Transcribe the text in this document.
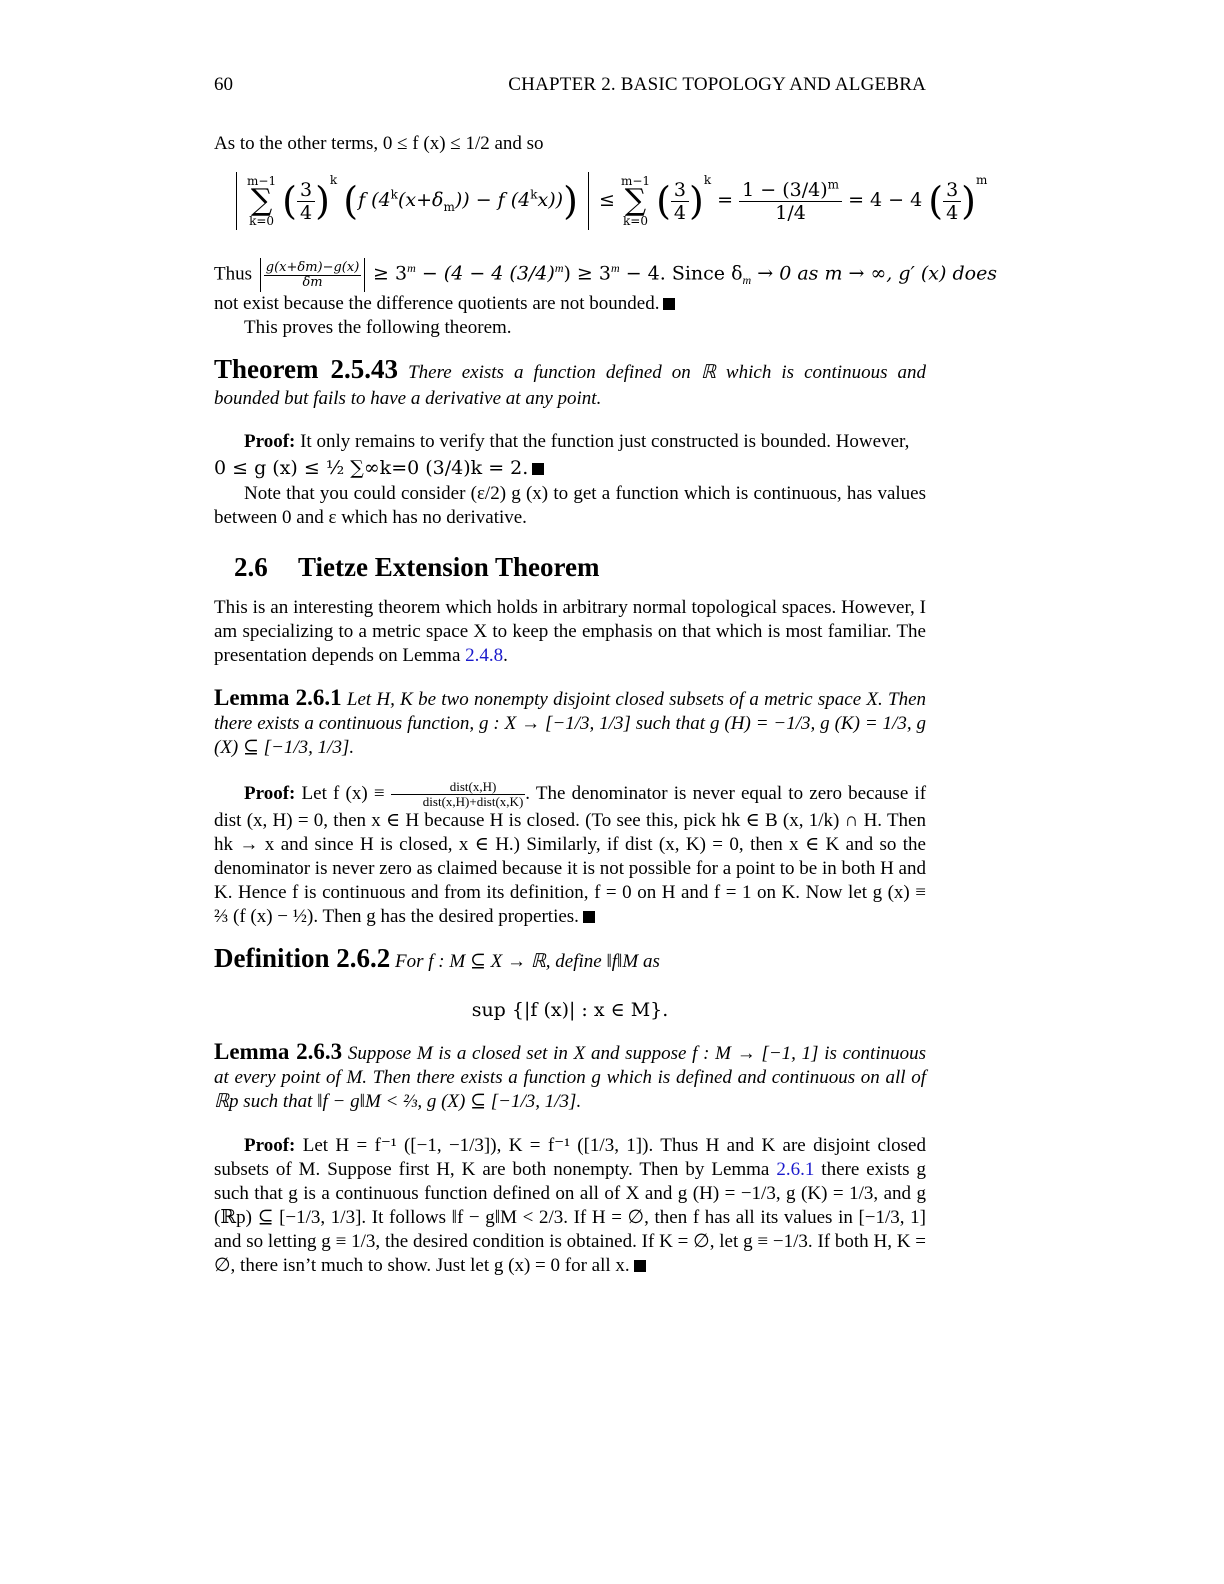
60	CHAPTER 2. BASIC TOPOLOGY AND ALGEBRA
As to the other terms, 0 ≤ f (x) ≤ 1/2 and so

m−1
∑
k=0 ( $\frac{3}{4} )^k$ (f $(4^k(x+\delta_m)) - f$ $(4^kx)$)) ≤
m−1
∑
k=0 ( $\frac{3}{4} )^k = \frac{1 - (3/4)^m}{1/4} = 4 - 4$ ( $\frac{3}{4} )^m$
Thus $\frac{g(x+\delta m)-g(x)}{\delta m} \ge 3^m - (4 - 4$ $(3/4)^m) \ge 3^m - 4$. Since $\delta_m \to 0$ as m → ∞, g′ (x) does
not exist because the difference quotients are not bounded.
This proves the following theorem.
Theorem 2.5.43 There exists a function defined on ℝ which is continuous and bounded but fails to have a derivative at any point.
Proof: It only remains to verify that the function just constructed is bounded. However,
0 ≤ g (x) ≤ ½ ∑∞k=0 (3/4)k = 2.
Note that you could consider (ε/2) g (x) to get a function which is continuous, has values between 0 and ε which has no derivative.
2.6 Tietze Extension Theorem
This is an interesting theorem which holds in arbitrary normal topological spaces. However, I am specializing to a metric space X to keep the emphasis on that which is most familiar. The presentation depends on Lemma 2.4.8.
Lemma 2.6.1 Let H, K be two nonempty disjoint closed subsets of a metric space X. Then there exists a continuous function, g : X → [−1/3, 1/3] such that g (H) = −1/3, g (K) = 1/3, g (X) ⊆ [−1/3, 1/3].
Proof: Let f $(x) \equiv \frac{\text{dist(x,H)}}{\text{dist(x,H)+dist(x,K)}}$ . The denominator is never equal to zero because if dist (x, H) = 0, then x ∈ H because H is closed. (To see this, pick hk ∈ B (x, 1/k) ∩ H. Then hk → x and since H is closed, x ∈ H.) Similarly, if dist (x, K) = 0, then x ∈ K and so the denominator is never zero as claimed because it is not possible for a point to be in both H and K. Hence f is continuous and from its definition, f = 0 on H and f = 1 on K. Now let g (x) ≡ ⅔ (f (x) − ½). Then g has the desired properties.
Definition 2.6.2 For f : M ⊆ X → ℝ, define ‖f‖M as
sup {|f (x)| : x ∈ M}.
Lemma 2.6.3 Suppose M is a closed set in X and suppose f : M → [−1, 1] is continuous at every point of M. Then there exists a function g which is defined and continuous on all of ℝp such that ‖f − g‖M < ⅔, g (X) ⊆ [−1/3, 1/3].
Proof: Let H = f⁻¹ ([−1, −1/3]), K = f⁻¹ ([1/3, 1]). Thus H and K are disjoint closed subsets of M. Suppose first H, K are both nonempty. Then by Lemma 2.6.1 there exists g such that g is a continuous function defined on all of X and g (H) = −1/3, g (K) = 1/3, and g (ℝp) ⊆ [−1/3, 1/3]. It follows ‖f − g‖M < 2/3. If H = ∅, then f has all its values in [−1/3, 1] and so letting g ≡ 1/3, the desired condition is obtained. If K = ∅, let g ≡ −1/3. If both H, K = ∅, there isn’t much to show. Just let g (x) = 0 for all x.
